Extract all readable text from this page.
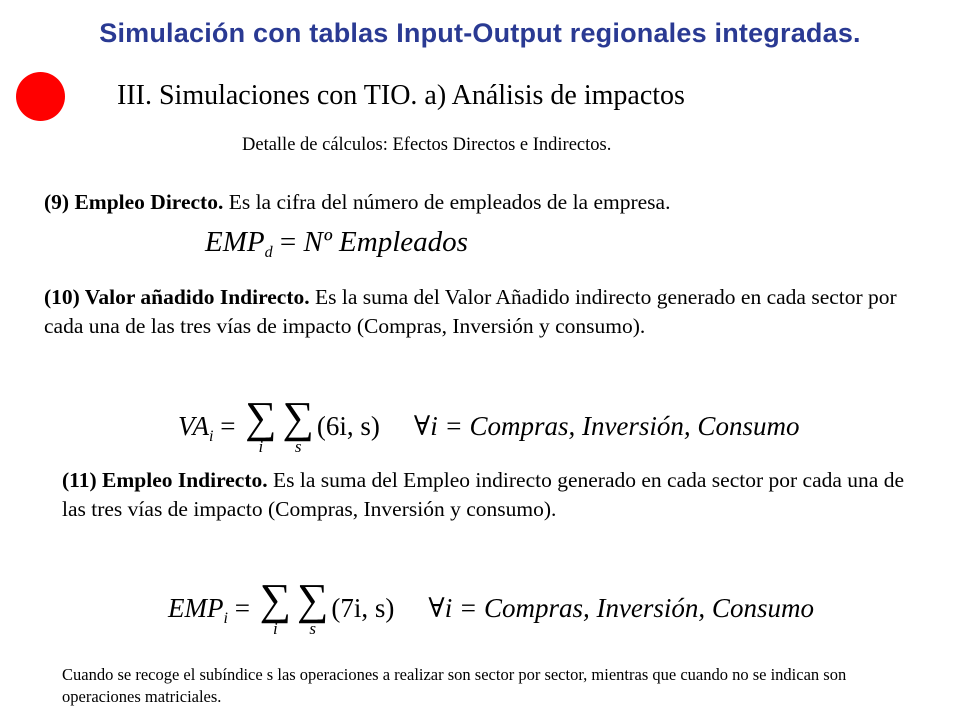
Simulación con tablas Input-Output regionales integradas.
III. Simulaciones con TIO. a) Análisis de impactos
Detalle de cálculos: Efectos Directos e Indirectos.
(9) Empleo Directo. Es la cifra del número de empleados de la empresa.
EMP d = Nº Empleados
(10) Valor añadido Indirecto. Es la suma del Valor Añadido indirecto generado en cada sector por cada una de las tres vías de impacto (Compras, Inversión y consumo).
VA i = ∑
i
∑
s
(6i, s) ∀i = Compras, Inversión, Consumo
(11) Empleo Indirecto. Es la suma del Empleo indirecto generado en cada sector por cada una de las tres vías de impacto (Compras, Inversión y consumo).
EMP i = ∑
i
∑
s
(7i, s) ∀i = Compras, Inversión, Consumo
Cuando se recoge el subíndice s las operaciones a realizar son sector por sector, mientras que cuando no se indican son operaciones matriciales.
